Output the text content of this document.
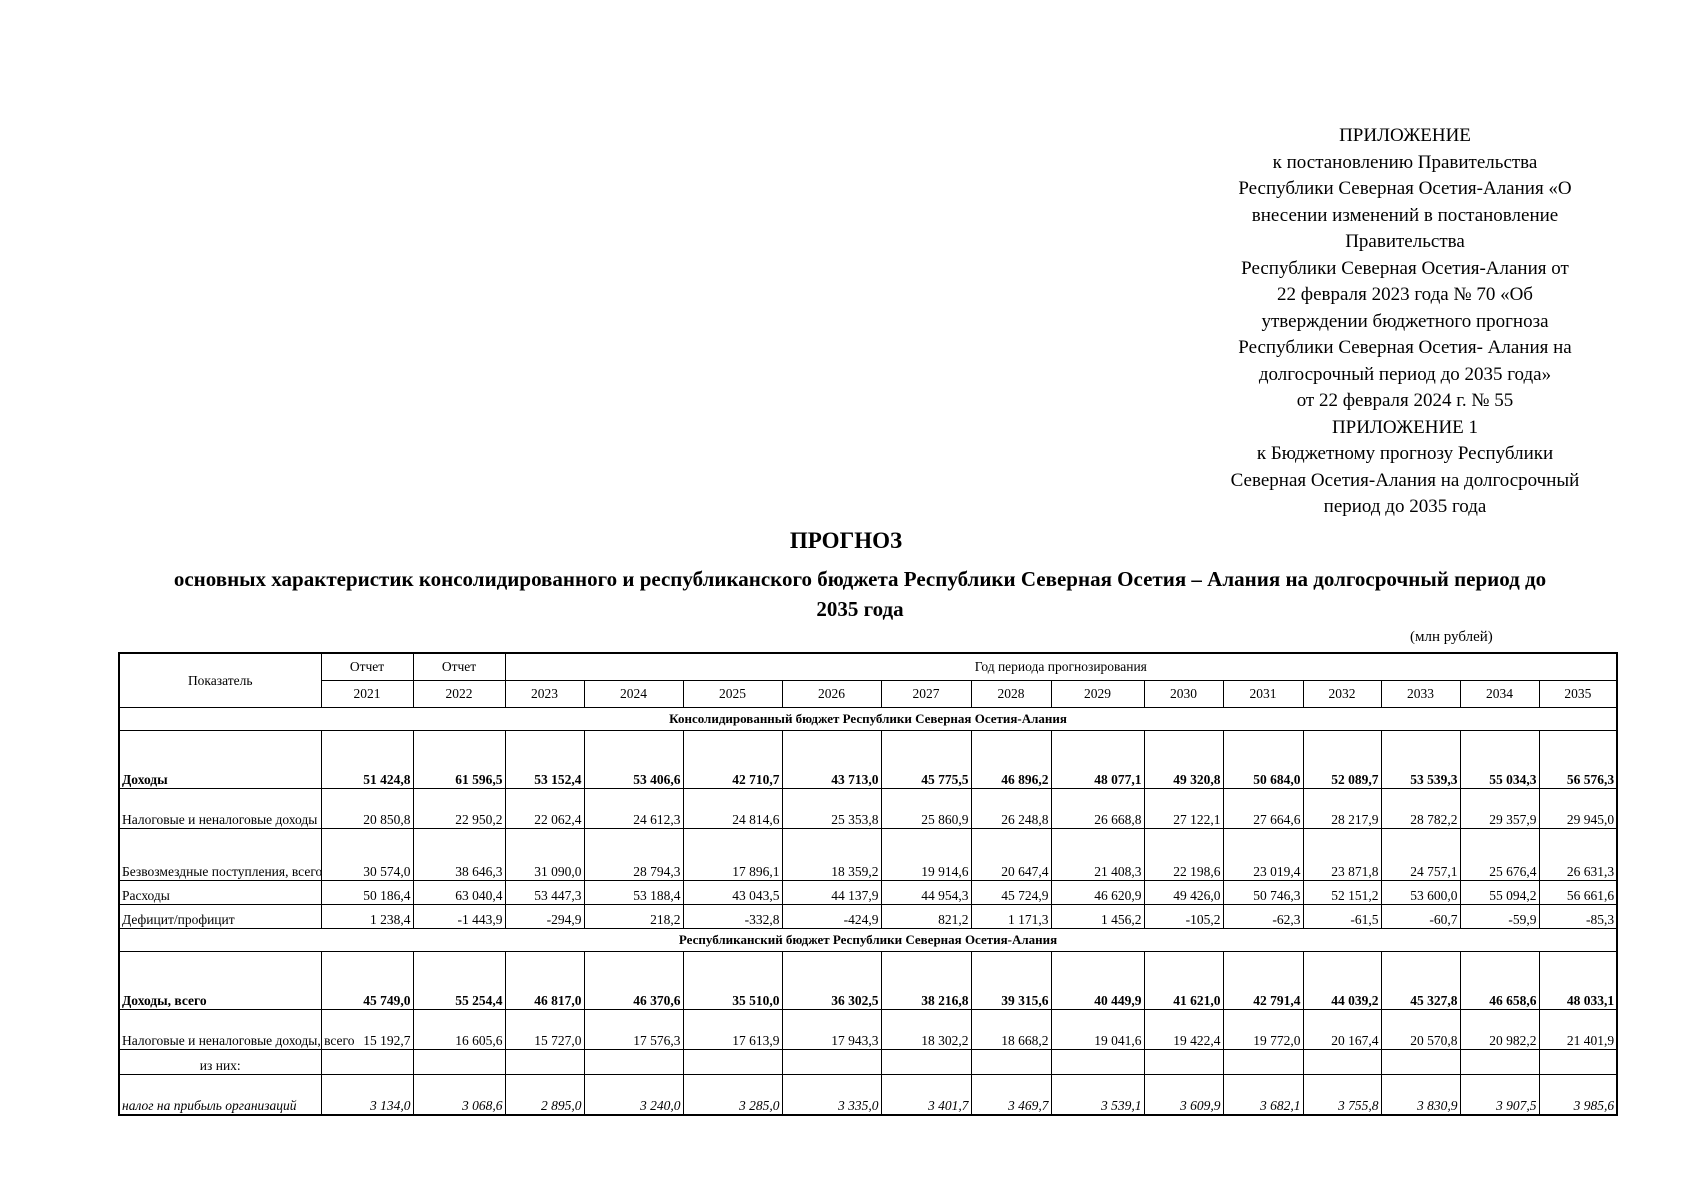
ПРИЛОЖЕНИЕ
к постановлению Правительства
Республики Северная Осетия-Алания «О
внесении изменений в постановление
Правительства
Республики Северная Осетия-Алания от
22 февраля 2023 года № 70 «Об
утверждении бюджетного прогноза
Республики Северная Осетия- Алания на
долгосрочный период до 2035 года»
от 22 февраля 2024 г. № 55
ПРИЛОЖЕНИЕ 1
к Бюджетному прогнозу Республики
Северная Осетия-Алания на долгосрочный
период до 2035 года
ПРОГНОЗ
основных характеристик консолидированного и республиканского бюджета Республики Северная Осетия – Алания на долгосрочный период до 2035 года
(млн рублей)
Показатель	Отчет	Отчет	Год периода прогнозирования												
	2021	2022	2023	2024	2025	2026	2027	2028	2029	2030	2031	2032	2033	2034	2035
Консолидированный бюджет Республики Северная Осетия-Алания															
Доходы	51 424,8	61 596,5	53 152,4	53 406,6	42 710,7	43 713,0	45 775,5	46 896,2	48 077,1	49 320,8	50 684,0	52 089,7	53 539,3	55 034,3	56 576,3
Налоговые и неналоговые доходы	20 850,8	22 950,2	22 062,4	24 612,3	24 814,6	25 353,8	25 860,9	26 248,8	26 668,8	27 122,1	27 664,6	28 217,9	28 782,2	29 357,9	29 945,0
Безвозмездные поступления, всего	30 574,0	38 646,3	31 090,0	28 794,3	17 896,1	18 359,2	19 914,6	20 647,4	21 408,3	22 198,6	23 019,4	23 871,8	24 757,1	25 676,4	26 631,3
Расходы	50 186,4	63 040,4	53 447,3	53 188,4	43 043,5	44 137,9	44 954,3	45 724,9	46 620,9	49 426,0	50 746,3	52 151,2	53 600,0	55 094,2	56 661,6
Дефицит/профицит	1 238,4	-1 443,9	-294,9	218,2	-332,8	-424,9	821,2	1 171,3	1 456,2	-105,2	-62,3	-61,5	-60,7	-59,9	-85,3
Республиканский бюджет Республики Северная Осетия-Алания															
Доходы, всего	45 749,0	55 254,4	46 817,0	46 370,6	35 510,0	36 302,5	38 216,8	39 315,6	40 449,9	41 621,0	42 791,4	44 039,2	45 327,8	46 658,6	48 033,1
Налоговые и неналоговые доходы, всего	15 192,7	16 605,6	15 727,0	17 576,3	17 613,9	17 943,3	18 302,2	18 668,2	19 041,6	19 422,4	19 772,0	20 167,4	20 570,8	20 982,2	21 401,9
из них:															
налог на прибыль организаций	3 134,0	3 068,6	2 895,0	3 240,0	3 285,0	3 335,0	3 401,7	3 469,7	3 539,1	3 609,9	3 682,1	3 755,8	3 830,9	3 907,5	3 985,6
